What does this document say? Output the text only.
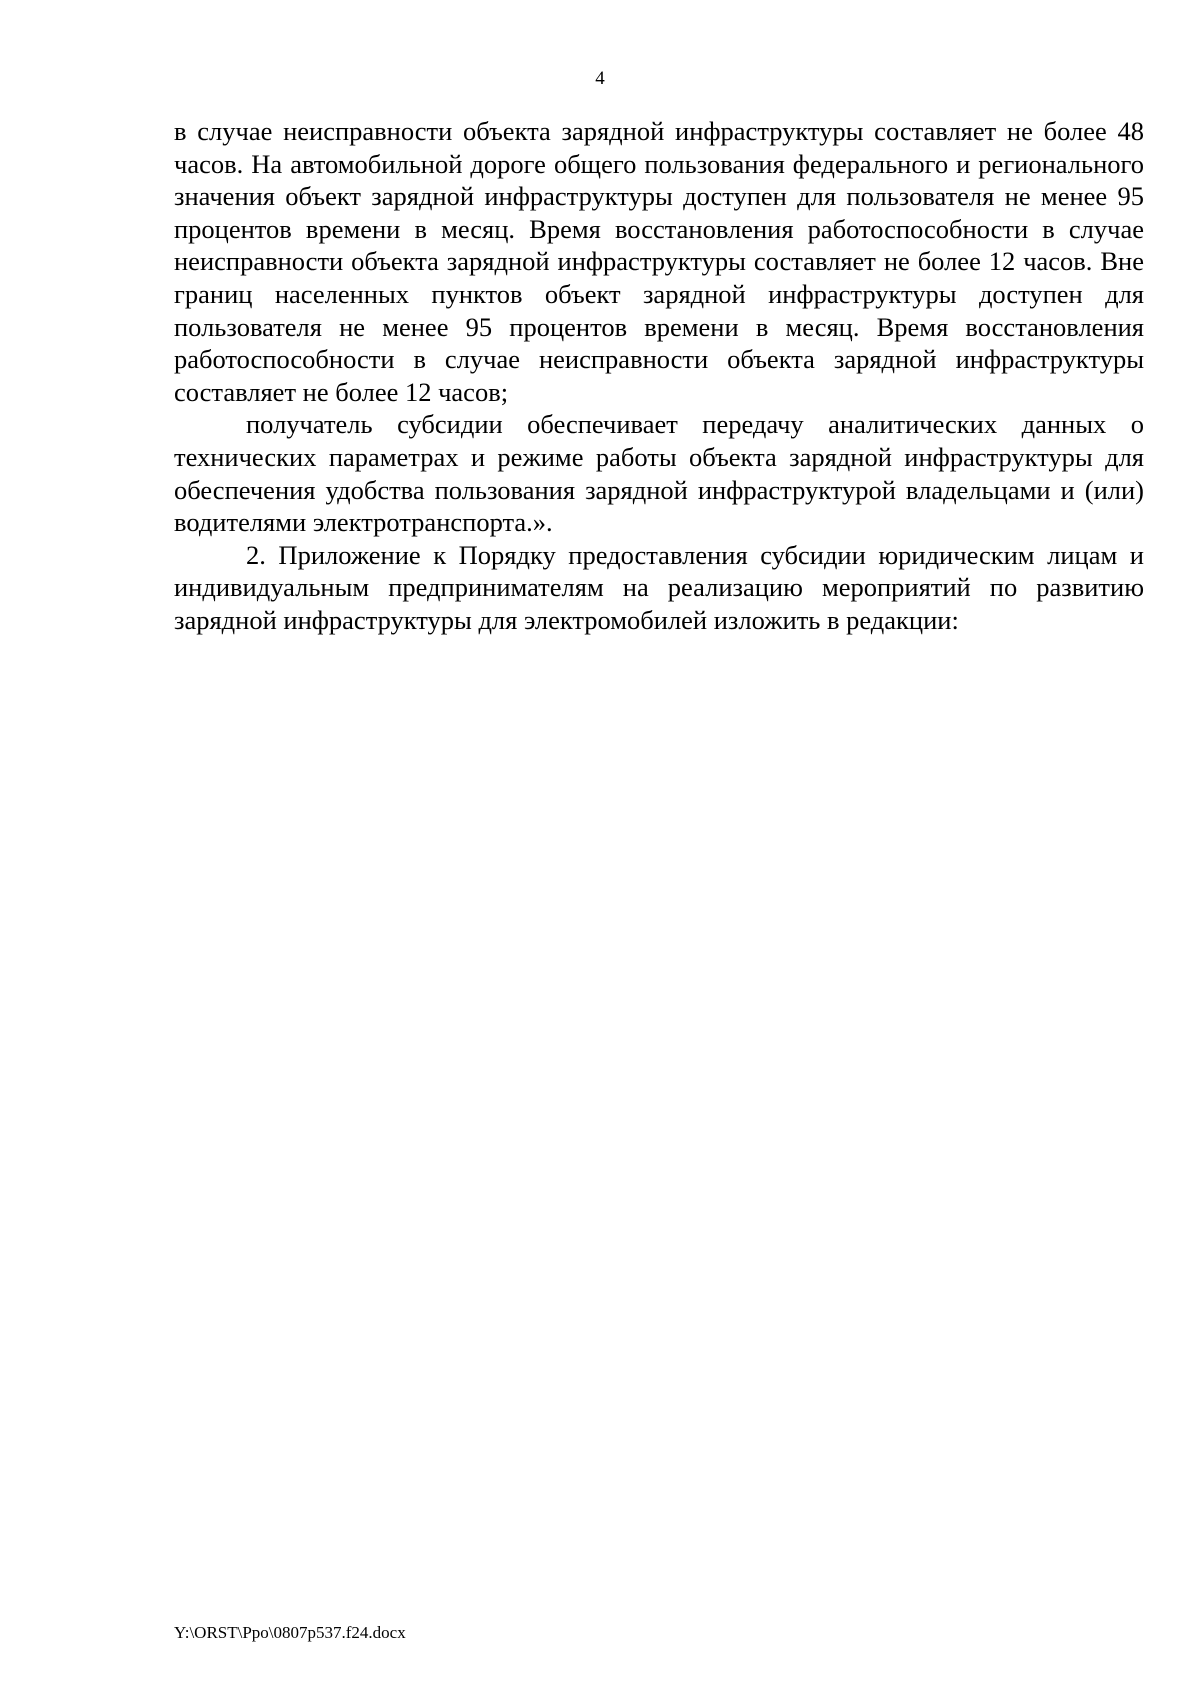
4

в случае неисправности объекта зарядной инфраструктуры составляет не более 48 часов. На автомобильной дороге общего пользования федерального и регионального значения объект зарядной инфраструктуры доступен для пользователя не менее 95 процентов времени в месяц. Время восстановления работоспособности в случае неисправности объекта зарядной инфраструктуры составляет не более 12 часов. Вне границ населенных пунктов объект зарядной инфраструктуры доступен для пользователя не менее 95 процентов времени в месяц. Время восстановления работоспособности в случае неисправности объекта зарядной инфраструктуры составляет не более 12 часов;

получатель субсидии обеспечивает передачу аналитических данных о технических параметрах и режиме работы объекта зарядной инфраструктуры для обеспечения удобства пользования зарядной инфраструктурой владельцами и (или) водителями электротранспорта.».

2. Приложение к Порядку предоставления субсидии юридическим лицам и индивидуальным предпринимателям на реализацию мероприятий по развитию зарядной инфраструктуры для электромобилей изложить в редакции:

Y:\ORST\Ppo\0807p537.f24.docx
